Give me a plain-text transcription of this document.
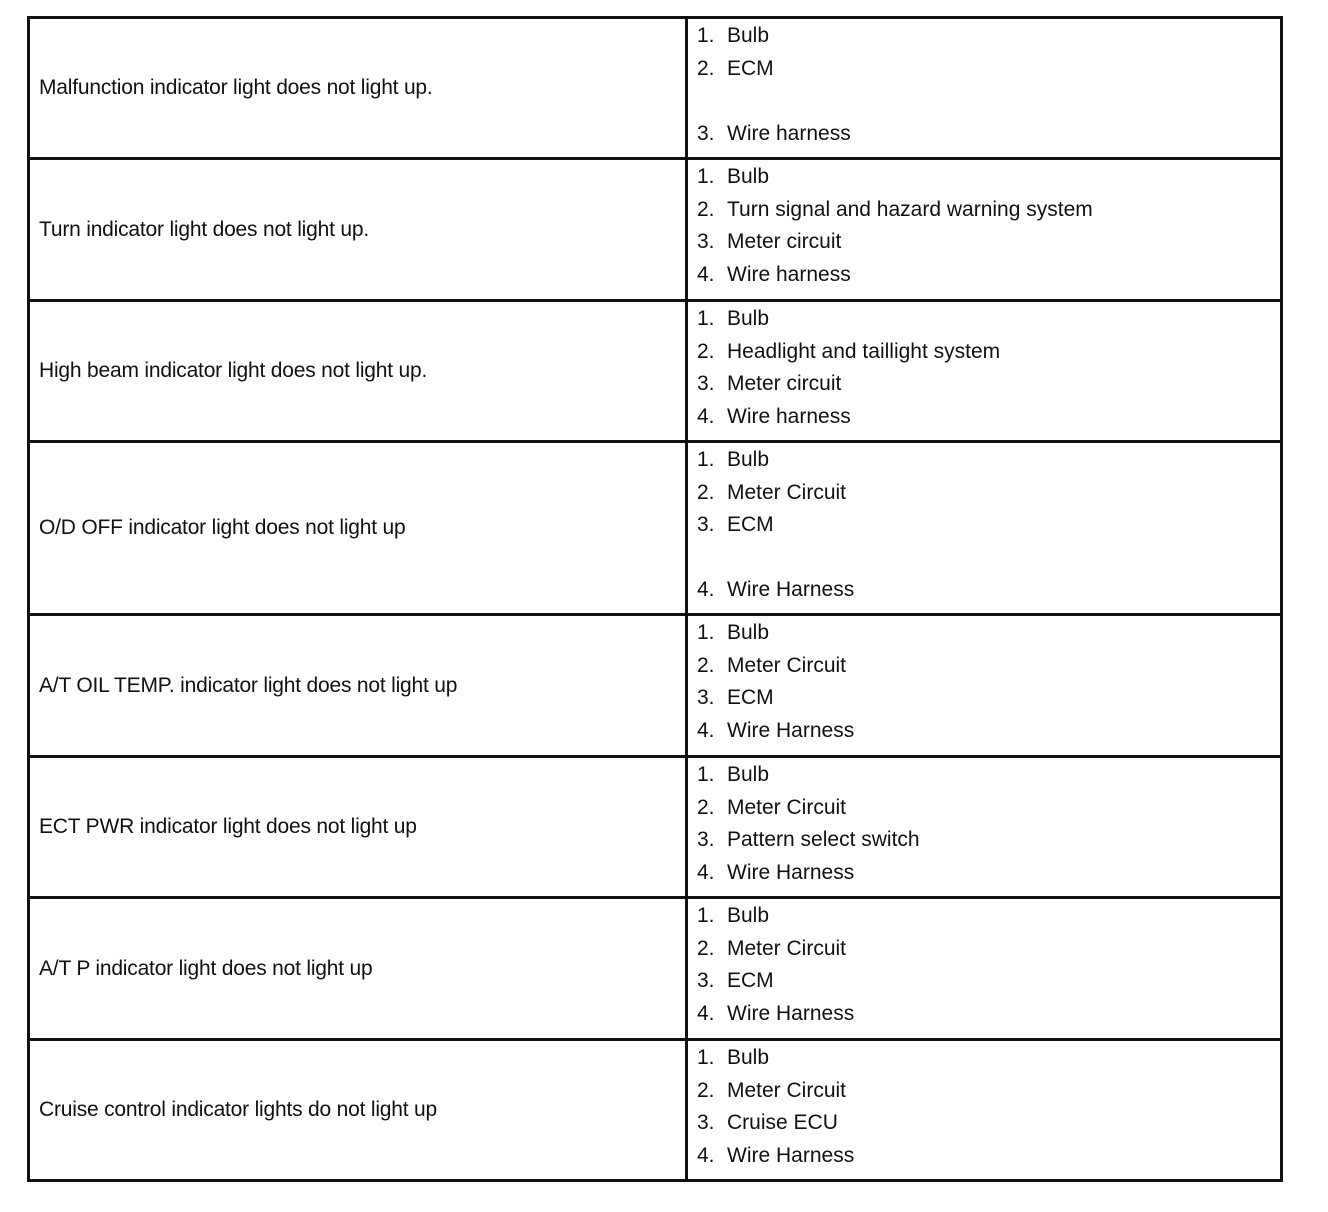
Malfunction indicator light does not light up.
1. Bulb
2. ECM
3. Wire harness
Turn indicator light does not light up.
1. Bulb
2. Turn signal and hazard warning system
3. Meter circuit
4. Wire harness
High beam indicator light does not light up.
1. Bulb
2. Headlight and taillight system
3. Meter circuit
4. Wire harness
O/D OFF indicator light does not light up
1. Bulb
2. Meter Circuit
3. ECM
4. Wire Harness
A/T OIL TEMP. indicator light does not light up
1. Bulb
2. Meter Circuit
3. ECM
4. Wire Harness
ECT PWR indicator light does not light up
1. Bulb
2. Meter Circuit
3. Pattern select switch
4. Wire Harness
A/T P indicator light does not light up
1. Bulb
2. Meter Circuit
3. ECM
4. Wire Harness
Cruise control indicator lights do not light up
1. Bulb
2. Meter Circuit
3. Cruise ECU
4. Wire Harness
